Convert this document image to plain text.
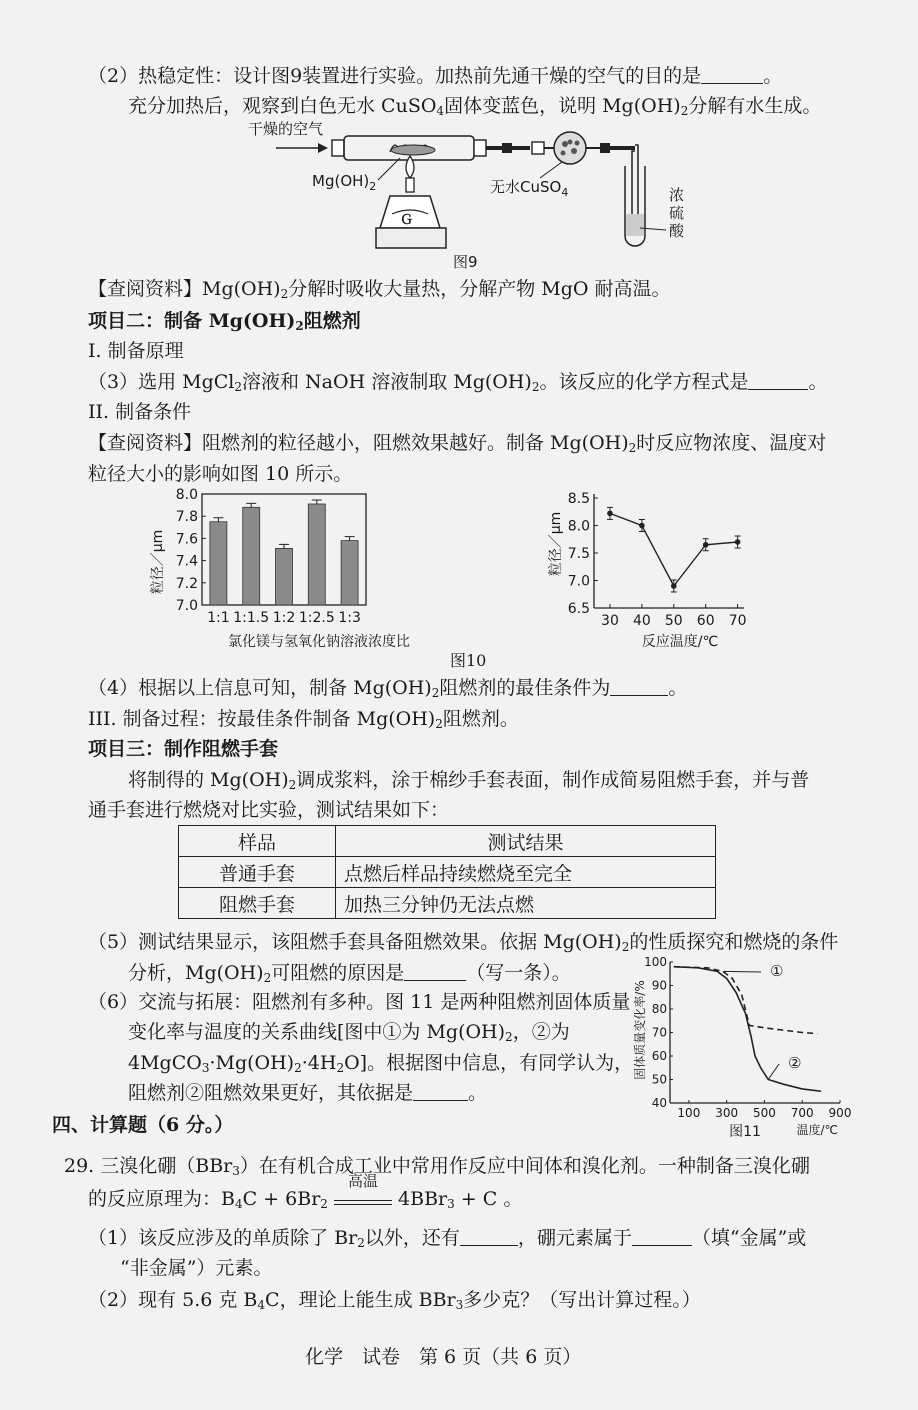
（2）热稳定性：设计图9装置进行实验。加热前先通干燥的空气的目的是	。
充分加热后，观察到白色无水 CuSO$_4$固体变蓝色，说明 $Mg(OH)_2$分解有水生成。
干燥的空气
浓
硫
酸
Ｇ
$Mg(OH)_2$	无水CuSO$_4$
图9
【查阅资料】$Mg(OH)_2$分解时吸收大量热，分解产物 MgO 耐高温。
项目二：制备 $Mg(OH)_2$阻燃剂
I. 制备原理
（3）选用 MgCl$_2$溶液和 NaOH 溶液制取 $Mg(OH)_2$。该反应的化学方程式是	。
II. 制备条件
【查阅资料】阻燃剂的粒径越小，阻燃效果越好。制备 $Mg(OH)_2$时反应物浓度、温度对
粒径大小的影响如图 10 所示。
7.0
7.2
7.4
7.6
7.8
8.0
1:1 1:1.5 1:2 1:2.5 1:3
氯化镁与氢氧化钠溶液浓度比
粒径／μm
6.5
7.0
7.5
8.0
8.5
30 40 50 60 70
反应温度/℃
粒径／μm
图10
（4）根据以上信息可知，制备 $Mg(OH)_2$阻燃剂的最佳条件为	。
III. 制备过程：按最佳条件制备 $Mg(OH)_2$阻燃剂。
项目三：制作阻燃手套
将制得的 $Mg(OH)_2$调成浆料，涂于棉纱手套表面，制作成简易阻燃手套，并与普
通手套进行燃烧对比实验，测试结果如下：
样品	测试结果
普通手套	点燃后样品持续燃烧至完全
阻燃手套	加热三分钟仍无法点燃
（5）测试结果显示，该阻燃手套具备阻燃效果。依据 $Mg(OH)_2$的性质探究和燃烧的条件
分析，$Mg(OH)_2$可阻燃的原因是	（写一条）。
（6）交流与拓展：阻燃剂有多种。图 11 是两种阻燃剂固体质量
变化率与温度的关系曲线[图中①为 $Mg(OH)_2$，②为
$4MgCO_3\cdot Mg(OH)_2\cdot 4H_2O$]。根据图中信息，有同学认为，
阻燃剂②阻燃效果更好，其依据是	。	40
50
60
70
80
90
100
100 300 500 700 900
①
②
固体质量变化率/%
温度/℃
图11
四、计算题（6 分。）
29. 三溴化硼（BBr$_3$）在有机合成工业中常用作反应中间体和溴化剂。一种制备三溴化硼
的反应原理为：$B_4C + 6Br_2$
高温
4BBr$_3$ + C 。
（1）该反应涉及的单质除了 $Br_2$以外，还有	，硼元素属于	（填“金属”或
“非金属”）元素。
（2）现有 5.6 克 $B_4C$，理论上能生成 BBr$_3$多少克？（写出计算过程。）
化学　试卷　第 6 页（共 6 页）
